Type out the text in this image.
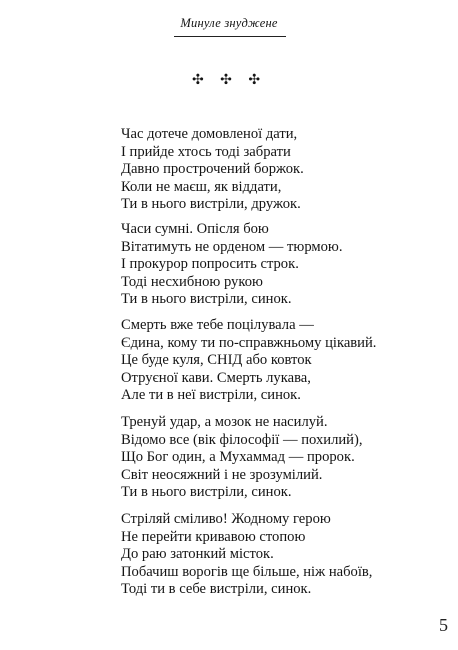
Минуле знуджене
✣ ✣ ✣
Час дотече домовленої дати,
І прийде хтось тоді забрати
Давно прострочений боржок.
Коли не маєш, як віддати,
Ти в нього вистріли, дружок.
Часи сумні. Опісля бою
Вітатимуть не орденом — тюрмою.
І прокурор попросить строк.
Тоді несхибною рукою
Ти в нього вистріли, синок.
Смерть вже тебе поцілувала —
Єдина, кому ти по-справжньому цікавий.
Це буде куля, СНІД або ковток
Отруєної кави. Смерть лукава,
Але ти в неї вистріли, синок.
Тренуй удар, а мозок не насилуй.
Відомо все (вік філософії — похилий),
Що Бог один, а Мухаммад — пророк.
Світ неосяжний і не зрозумілий.
Ти в нього вистріли, синок.
Стріляй сміливо! Жодному герою
Не перейти кривавою стопою
До раю затонкий місток.
Побачиш ворогів ще більше, ніж набоїв,
Тоді ти в себе вистріли, синок.
5
